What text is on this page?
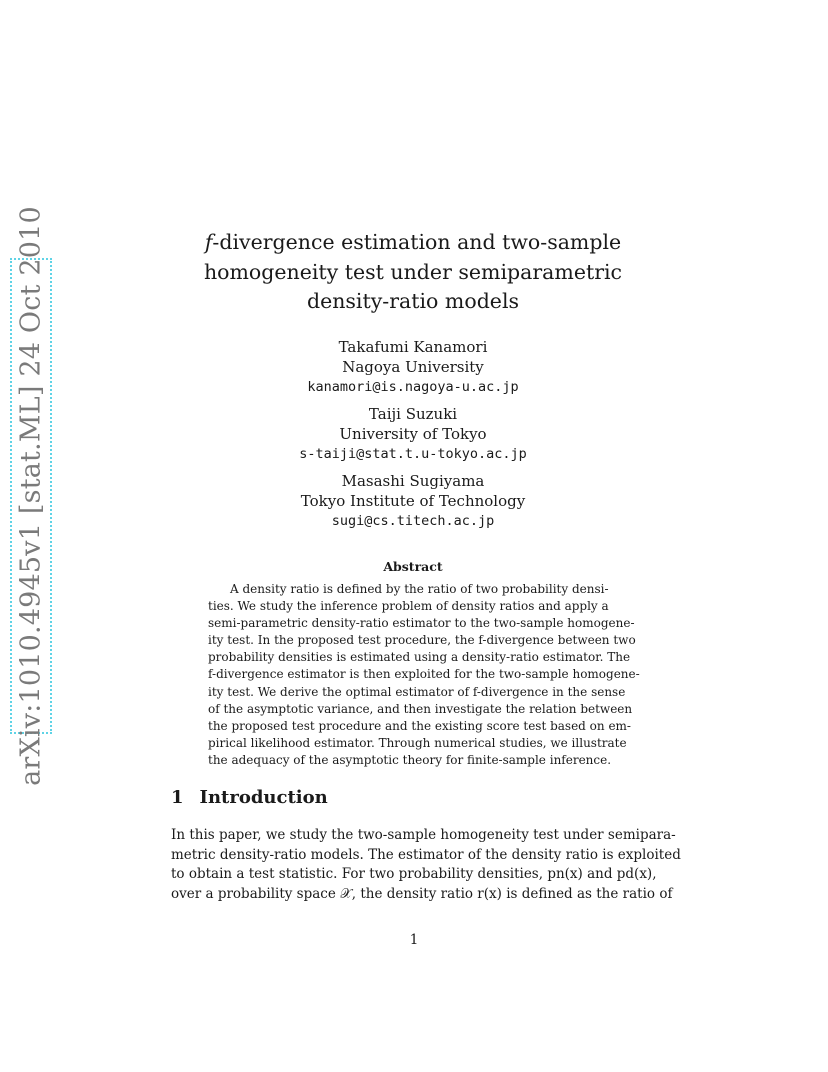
arXiv:1010.4945v1 [stat.ML] 24 Oct 2010	f-divergence estimation and two-sample
homogeneity test under semiparametric
density-ratio models
Takafumi Kanamori
Nagoya University
kanamori@is.nagoya-u.ac.jp
Taiji Suzuki
University of Tokyo
s-taiji@stat.t.u-tokyo.ac.jp
Masashi Sugiyama
Tokyo Institute of Technology
sugi@cs.titech.ac.jp
Abstract
A density ratio is defined by the ratio of two probability densi-
ties. We study the inference problem of density ratios and apply a
semi-parametric density-ratio estimator to the two-sample homogene-
ity test. In the proposed test procedure, the f-divergence between two
probability densities is estimated using a density-ratio estimator. The
f-divergence estimator is then exploited for the two-sample homogene-
ity test. We derive the optimal estimator of f-divergence in the sense
of the asymptotic variance, and then investigate the relation between
the proposed test procedure and the existing score test based on em-
pirical likelihood estimator. Through numerical studies, we illustrate
the adequacy of the asymptotic theory for finite-sample inference.
1 Introduction
In this paper, we study the two-sample homogeneity test under semipara-
metric density-ratio models. The estimator of the density ratio is exploited
to obtain a test statistic. For two probability densities, pn(x) and pd(x),
over a probability space 𝒳, the density ratio r(x) is defined as the ratio of
1
